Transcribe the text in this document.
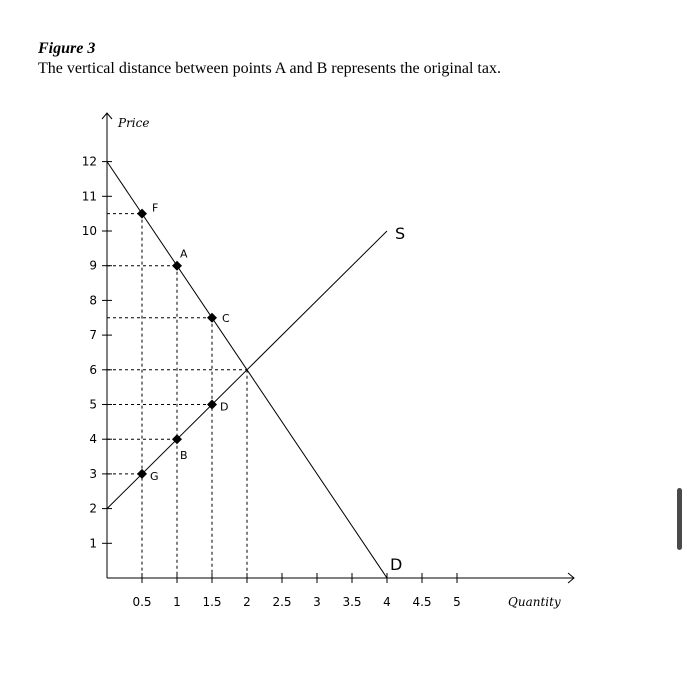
Figure 3
The vertical distance between points A and B represents the original tax.
S
D
1
2
3
4
5
6
7
8
9
10
11
12
0.5 1 1.5 2 2.5 3 3.5 4 4.5 5
F
A
C
D
B
G
Price
Quantity
